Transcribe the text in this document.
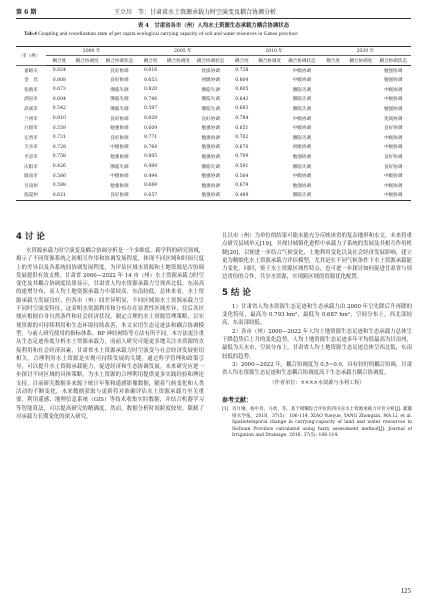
第 6 期	王立川　等：甘肃省水土资源承载力时空演变及耦合协调分析
表 4　甘肃省各市（州）人均水土资源生态承载力耦合协调状态
Tab.4 Coupling and coordination state of per capita ecological carrying capacity of soil and water resources in Gansu province
市（州）	2000 年			2005 年			2010 年			2020 年		
	耦合度	耦合协调度	耦合协调状态	耦合度	耦合协调度	耦合协调状态	耦合度	耦合协调度	耦合协调状态	耦合度	耦合协调度	耦合协调状态
嘉峪关	0.824		良好协调	0.816		优质协调	0.728		中级协调			勉强协调
金　昌	0.808		良好协调	0.653		初级协调	0.804		中级协调			勉强协调
张掖市	0.673		濒临失调	0.820		濒临失调	0.805		濒临失调			中级协调
酒泉市	0.604		濒临失调	0.786		濒临失调	0.643		濒临失调			中级协调
武威市	0.542		濒临失调	0.597		濒临失调	0.683		濒临失调			勉强协调
兰州市	0.810		良好协调	0.829		良好协调	0.784		中级协调			优质协调
白银市	0.559		勉强协调	0.609		勉强协调	0.651		中级协调			良好协调
定西市	0.731		良好协调	0.771		勉强协调	0.702		濒临失调			中级协调
天水市	0.729		中级协调	0.764		勉强协调	0.670		初级协调			中级协调
平凉市	0.758		勉强协调	0.805		勉强协调	0.799		勉强协调			良好协调
庆阳市	0.426		濒临失调	0.489		濒临失调	0.591		濒临失调			良好协调
陇南市	0.586		中级协调	0.494		勉强协调	0.564		中级协调			中级协调
甘南州	0.598		勉强协调	0.689		勉强协调	0.679		勉强协调			中级协调
临夏州	0.621		良好协调	0.657		勉强协调	0.489		濒临失调			中级协调
4 讨 论

水资源承载力时空演变及耦合协调分析是一个多维度、跨学科的研究领域，揭示了不同资源系统之间相互作用和协调发展程度，体现不同区域和时间尺度上的差异以及各系统间协调发展程度，为评估区域水资源和土地资源是否协调发展提供有效支撑。甘肃省 2000—2022 年 14 市（州）水土资源承载力时空变化及其耦合协调度结果显示，甘肃省人均水资源承载力呈现西北低、东南高的递增分布，而人均土地资源承载力中部较高、东南较低，总体来看，水土资源承载力发展良好，但各市（州）间差异明显，不同区域间水土资源承载力呈不同时空演变特征，这表明水资源利用和分布存在显著性区域差异，往后各区域应根据自身自然条件和社会经济状况，制定合理的水土资源管理策略，以实现资源的可持续利用和生态环境持续改善，本文采用生态足迹法和耦合协调模型，与前人研究使用的指标体系、BP 神经网络等方法有所不同，本方法更注重从生态足迹角度分析水土资源承载力，而前人研究可能更多地关注水资源的直接利用和社会经济因素，甘肃省水土资源承载力时空演变与社会经济发展密切相关，合理利用水土资源是实现可持续发展的关键，通过科学管理和政策引导，可以提升水土资源承载能力，促进经济和生态协调发展。未来研究应进一步探讨不同区域的具体策略，为水土资源的合理利用提供更多实践经验和理论支持，目前研究数据多来源于统计年鉴和遥感影像数据，随着气候变化和人类活动的不断变化，未来数据获取与更新将对准确评估水土资源承载力至关重要，利用遥感、地理信息系统（GIS）等技术收集实时数据，并结合机器学习等智能算法，可以提高研究的精确度，然而，数据分析时间跨度较短，限制了对承载力长期变化的深入研究，

且以市（州）为单位的结果可能未能充分反映该省的复杂地形和水文，未来将重点研究县域单元[19]，并探讨城镇化进程中承载力子系统的发展及其相互作用机制[20]，以便进一步结合气候变化、土地利用变化以及社会经济发展影响，建立更为精细化水土资源承载力评估模型，尤其是在不同气候条件下水土资源承载能力变化。同时，鉴于水土资源区域性特点，也可进一步探讨如何促进甘肃省与周边省份的合作，共享水资源，实现跨区域的资源优化配置。

5 结 论

1）甘肃省人均水资源生态足迹和生态承载力由 2000 年呈先降后升再降的变化特征，最高为 0.793 hm²，最低为 0.687 hm²，空间分布上，西北部较高，东南部较低。

2）各市（州）2000—2022 年人均土地资源生态足迹和生态承载力总体呈下降趋势后上升的变化趋势，人均土地资源生态足迹多年平均值最高为甘南州，最低为天水市，空间分布上，甘肃省人均土地资源生态足迹总体呈西北低，东南较低的趋势。

3）2000—2022 年，耦合协调度为 0.5~0.9，具有较好的耦合协调，甘肃省人均水资源生态足迹和生态耦合协调度高于生态承载力耦合协调度。

（作者单位：××××水资源与水利工程）

参考文献：

[1] 肖月娥、杨中肖、马欣、等。基于模糊综合评价的四川省水土资源承载力评价分析[J]. 灌溉排水学报，2018，37(5)：106-114. XIAO Yueyue, YANG Zhongxin, MA Li, et al. Spatiotemporal change in carrying-capacity of land and water resources in Sichuan Province calculated using fuzzy assessment method[J]. Journal of Irrigation and Drainage, 2018, 37(5): 106-114.

125
